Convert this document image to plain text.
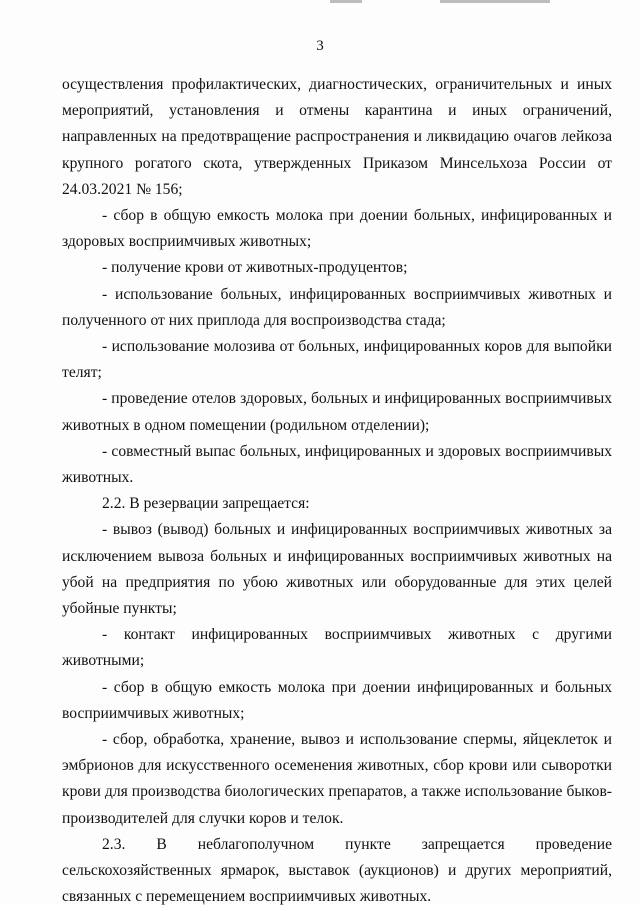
3

осуществления профилактических, диагностических, ограничительных и иных мероприятий, установления и отмены карантина и иных ограничений, направленных на предотвращение распространения и ликвидацию очагов лейкоза крупного рогатого скота, утвержденных Приказом Минсельхоза России от 24.03.2021 № 156;

- сбор в общую емкость молока при доении больных, инфицированных и здоровых восприимчивых животных;

- получение крови от животных-продуцентов;

- использование больных, инфицированных восприимчивых животных и полученного от них приплода для воспроизводства стада;

- использование молозива от больных, инфицированных коров для выпойки телят;

- проведение отелов здоровых, больных и инфицированных восприимчивых животных в одном помещении (родильном отделении);

- совместный выпас больных, инфицированных и здоровых восприимчивых животных.

2.2. В резервации запрещается:

- вывоз (вывод) больных и инфицированных восприимчивых животных за исключением вывоза больных и инфицированных восприимчивых животных на убой на предприятия по убою животных или оборудованные для этих целей убойные пункты;

- контакт инфицированных восприимчивых животных с другими животными;

- сбор в общую емкость молока при доении инфицированных и больных восприимчивых животных;

- сбор, обработка, хранение, вывоз и использование спермы, яйцеклеток и эмбрионов для искусственного осеменения животных, сбор крови или сыворотки крови для производства биологических препаратов, а также использование быков-производителей для случки коров и телок.

2.3. В неблагополучном пункте запрещается проведение сельскохозяйственных ярмарок, выставок (аукционов) и других мероприятий, связанных с перемещением восприимчивых животных.
